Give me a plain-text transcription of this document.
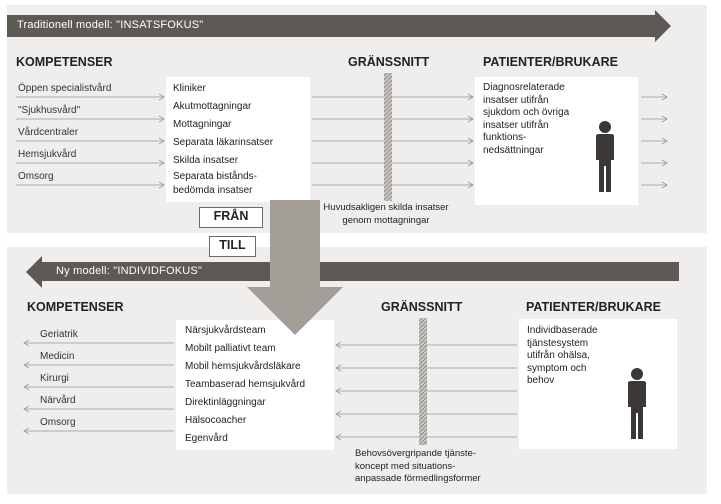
Traditionell modell: "INSATSFOKUS"
KOMPETENSER	GRÄNSSNITT	PATIENTER/BRUKARE
Öppen specialistvård
"Sjukhusvård"
Vårdcentraler
Hemsjukvård
Omsorg
Kliniker
Akutmottagningar
Mottagningar
Separata läkarinsatser
Skilda insatser
Separata bistånds-
bedömda insatser
Diagnosrelaterade
insatser utifrån
sjukdom och övriga
insatser utifrån
funktions-
nedsättningar
Huvudsakligen skilda insatser
genom mottagningar
Ny modell: "INDIVIDFOKUS"
KOMPETENSER	GRÄNSSNITT	PATIENTER/BRUKARE
Geriatrik
Medicin
Kirurgi
Närvård
Omsorg
Närsjukvårdsteam
Mobilt palliativt team
Mobil hemsjukvårdsläkare
Teambaserad hemsjukvård
Direktinläggningar
Hälsocoacher
Egenvård
Individbaserade
tjänstesystem
utifrån ohälsa,
symptom och
behov
Behovsövergripande tjänste-
koncept med situations-
anpassade förmedlingsformer
FRÅN
TILL
